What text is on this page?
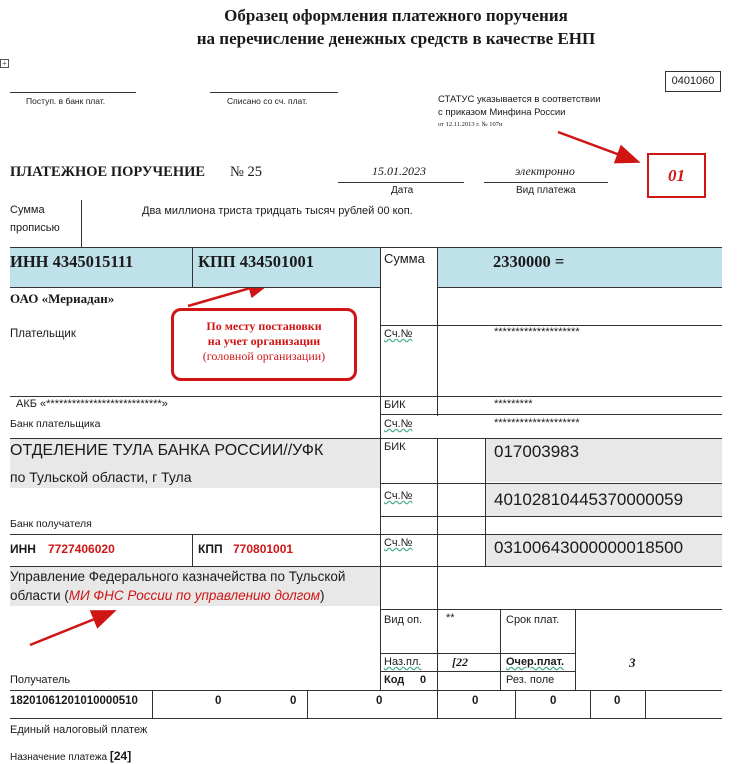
Образец оформления платежного поручения
на перечисление денежных средств в качестве ЕНП
+
0401060
Поступ. в банк плат.	Списано со сч. плат.	СТАТУС указывается в соответствии
с приказом Минфина России
от 12.11.2013 г. № 107н
01
ПЛАТЕЖНОЕ ПОРУЧЕНИЕ № 25	15.01.2023
Дата
электронно
Вид платежа
Сумма
прописью
Два миллиона триста тридцать тысяч рублей 00 коп.
ИНН 4345015111	КПП 434501001
ОАО «Мериадан»
Плательщик
АКБ «***************************»
Банк плательщика
По месту постановки
на учет организации
(головной организации)
Сумма	2330000 =
Сч.№	********************
БИК	*********
Сч.№	********************
ОТДЕЛЕНИЕ ТУЛА БАНКА РОССИИ//УФК
по Тульской области, г Тула
Банк получателя
БИК	017003983
Сч.№	40102810445370000059
ИНН 7727406020	КПП 770801001	Сч.№	03100643000000018500
Управление Федерального казначейства по Тульской
области (МИ ФНС России по управлению долгом)
Получатель
Вид оп. **	Срок плат.
Наз.пл.	[22	Очер.плат.	3
Код 0	Рез. поле
18201061201010000510	0	0	0	0	0	0
Единый налоговый платеж
Назначение платежа [24]
